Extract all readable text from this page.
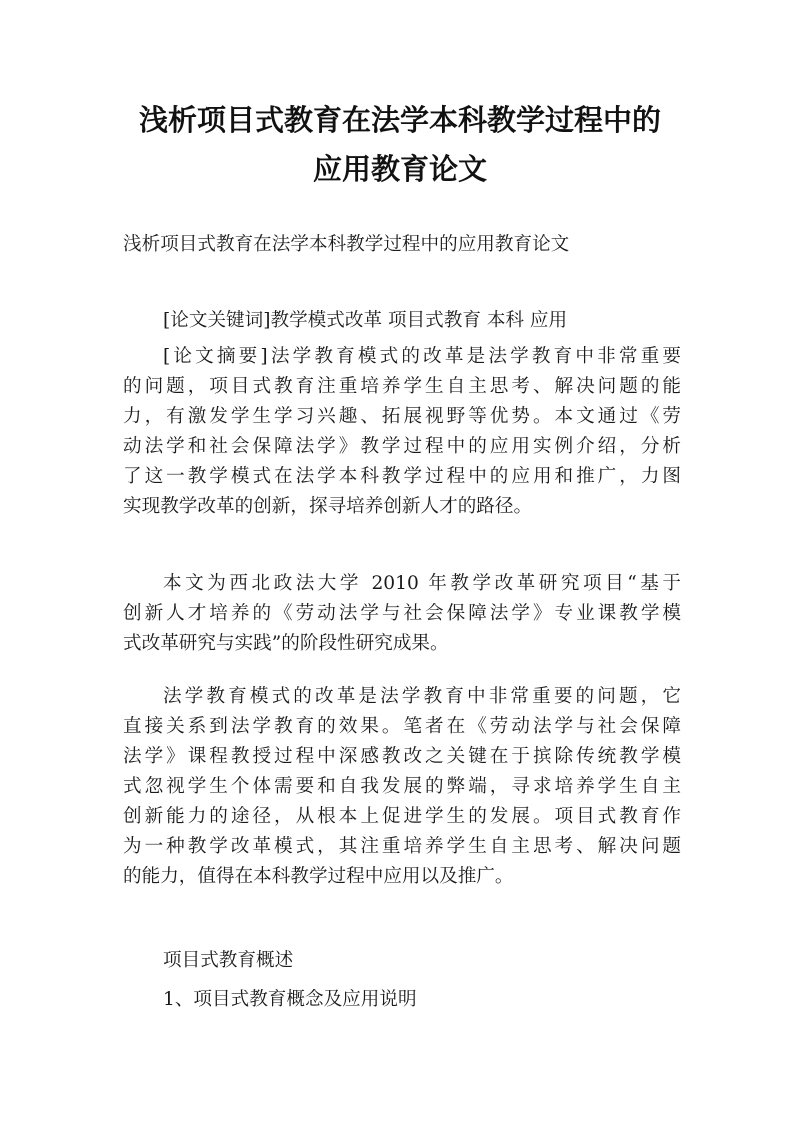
浅析项目式教育在法学本科教学过程中的
应用教育论文
浅析项目式教育在法学本科教学过程中的应用教育论文
[论文关键词]教学模式改革 项目式教育 本科 应用
[论文摘要]法学教育模式的改革是法学教育中非常重要
的问题，项目式教育注重培养学生自主思考、解决问题的能
力，有激发学生学习兴趣、拓展视野等优势。本文通过《劳
动法学和社会保障法学》教学过程中的应用实例介绍，分析
了这一教学模式在法学本科教学过程中的应用和推广，力图
实现教学改革的创新，探寻培养创新人才的路径。
本文为西北政法大学 2010 年教学改革研究项目“基于
创新人才培养的《劳动法学与社会保障法学》专业课教学模
式改革研究与实践”的阶段性研究成果。
法学教育模式的改革是法学教育中非常重要的问题，它
直接关系到法学教育的效果。笔者在《劳动法学与社会保障
法学》课程教授过程中深感教改之关键在于摈除传统教学模
式忽视学生个体需要和自我发展的弊端，寻求培养学生自主
创新能力的途径，从根本上促进学生的发展。项目式教育作
为一种教学改革模式，其注重培养学生自主思考、解决问题
的能力，值得在本科教学过程中应用以及推广。
项目式教育概述
1、项目式教育概念及应用说明
